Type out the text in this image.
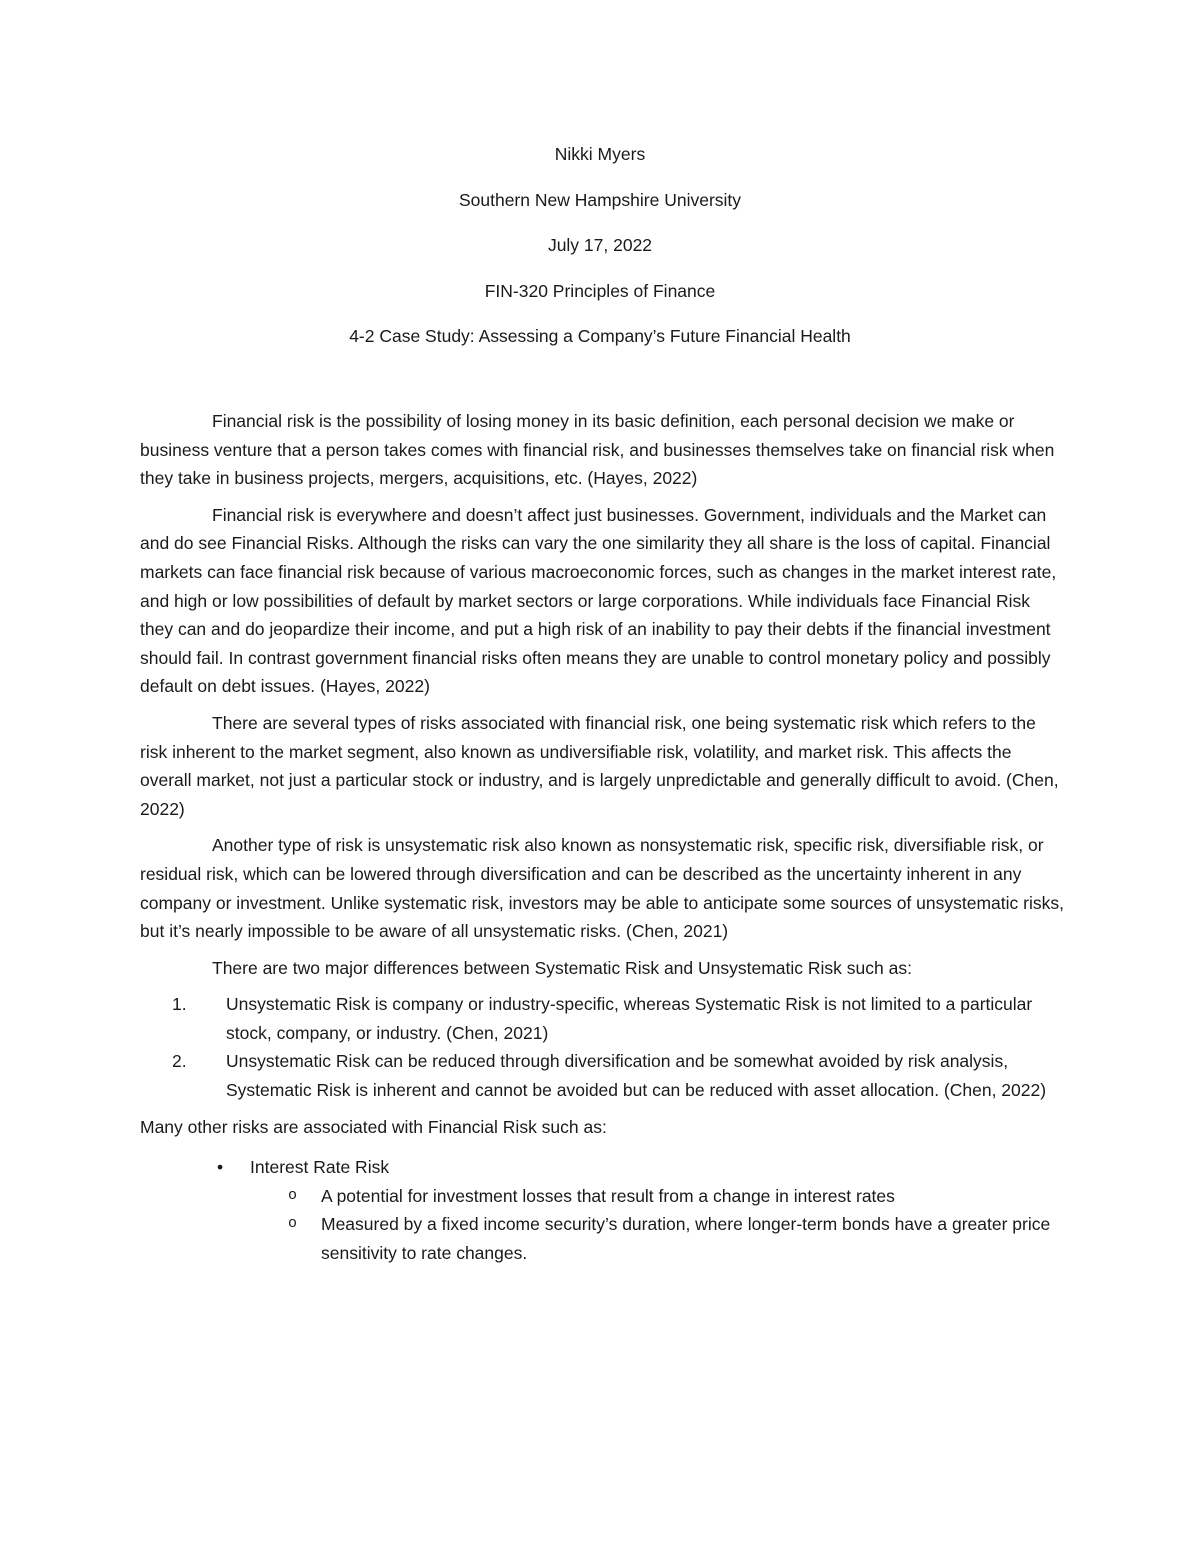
Nikki Myers

Southern New Hampshire University

July 17, 2022

FIN-320 Principles of Finance

4-2 Case Study: Assessing a Company’s Future Financial Health

Financial risk is the possibility of losing money in its basic definition, each personal decision we make or business venture that a person takes comes with financial risk, and businesses themselves take on financial risk when they take in business projects, mergers, acquisitions, etc. (Hayes, 2022)

Financial risk is everywhere and doesn’t affect just businesses. Government, individuals and the Market can and do see Financial Risks. Although the risks can vary the one similarity they all share is the loss of capital. Financial markets can face financial risk because of various macroeconomic forces, such as changes in the market interest rate, and high or low possibilities of default by market sectors or large corporations. While individuals face Financial Risk they can and do jeopardize their income, and put a high risk of an inability to pay their debts if the financial investment should fail. In contrast government financial risks often means they are unable to control monetary policy and possibly default on debt issues. (Hayes, 2022)

There are several types of risks associated with financial risk, one being systematic risk which refers to the risk inherent to the market segment, also known as undiversifiable risk, volatility, and market risk. This affects the overall market, not just a particular stock or industry, and is largely unpredictable and generally difficult to avoid. (Chen, 2022)

Another type of risk is unsystematic risk also known as nonsystematic risk, specific risk, diversifiable risk, or residual risk, which can be lowered through diversification and can be described as the uncertainty inherent in any company or investment. Unlike systematic risk, investors may be able to anticipate some sources of unsystematic risks, but it’s nearly impossible to be aware of all unsystematic risks. (Chen, 2021)

There are two major differences between Systematic Risk and Unsystematic Risk such as:

1. Unsystematic Risk is company or industry-specific, whereas Systematic Risk is not limited to a particular stock, company, or industry. (Chen, 2021)
2. Unsystematic Risk can be reduced through diversification and be somewhat avoided by risk analysis, Systematic Risk is inherent and cannot be avoided but can be reduced with asset allocation. (Chen, 2022)

Many other risks are associated with Financial Risk such as:

• Interest Rate Risk
o A potential for investment losses that result from a change in interest rates
o Measured by a fixed income security’s duration, where longer-term bonds have a greater price sensitivity to rate changes.
